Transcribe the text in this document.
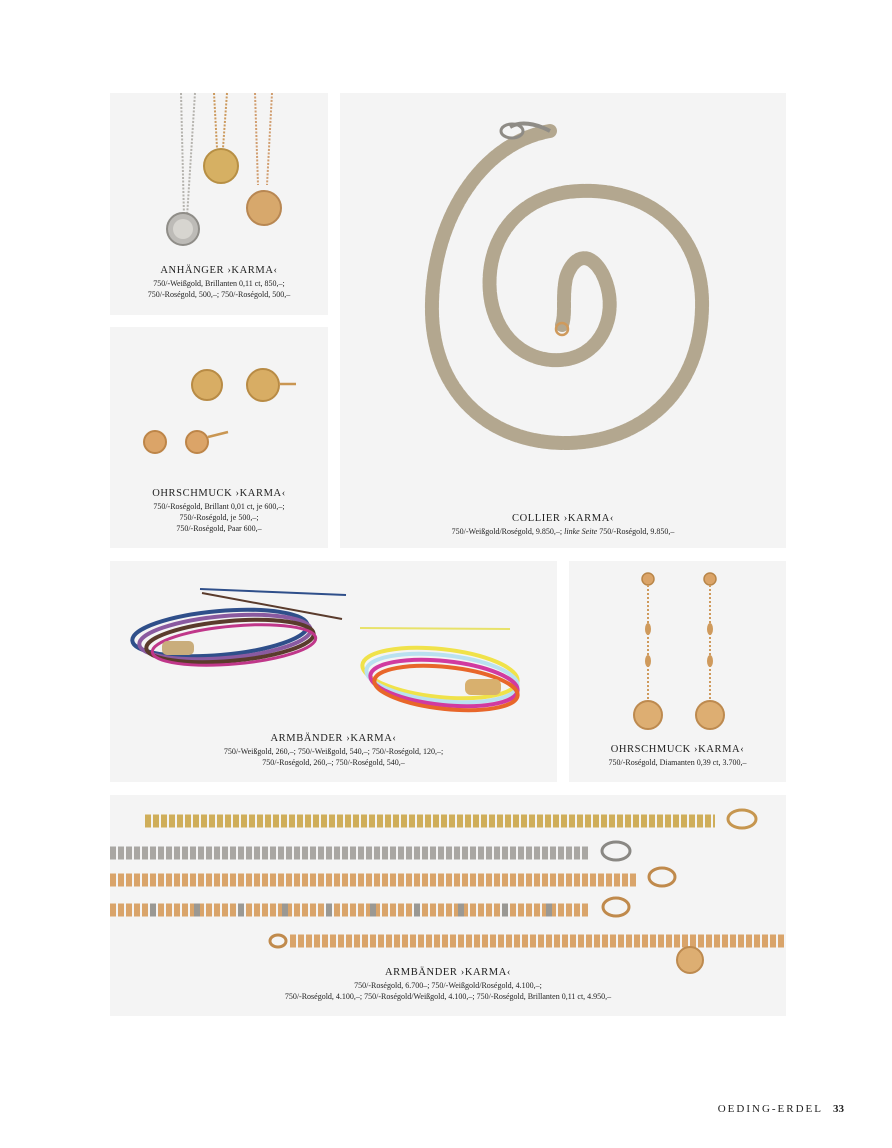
ANHÄNGER ›KARMA‹
750/-Weißgold, Brillanten 0,11 ct, 850,–;
750/-Roségold, 500,–; 750/-Roségold, 500,–
OHRSCHMUCK ›KARMA‹
750/-Roségold, Brillant 0,01 ct, je 600,–;
750/-Roségold, je 500,–;
750/-Roségold, Paar 600,–
COLLIER ›KARMA‹
750/-Weißgold/Roségold, 9.850,–; linke Seite 750/-Roségold, 9.850,–
ARMBÄNDER ›KARMA‹
750/-Weißgold, 260,–; 750/-Weißgold, 540,–; 750/-Roségold, 120,–;
750/-Roségold, 260,–; 750/-Roségold, 540,–
OHRSCHMUCK ›KARMA‹
750/-Roségold, Diamanten 0,39 ct, 3.700,–
ARMBÄNDER ›KARMA‹
750/-Roségold, 6.700–; 750/-Weißgold/Roségold, 4.100,–;
750/-Roségold, 4.100,–; 750/-Roségold/Weißgold, 4.100,–; 750/-Roségold, Brillanten 0,11 ct, 4.950,–
OEDING-ERDEL 33
